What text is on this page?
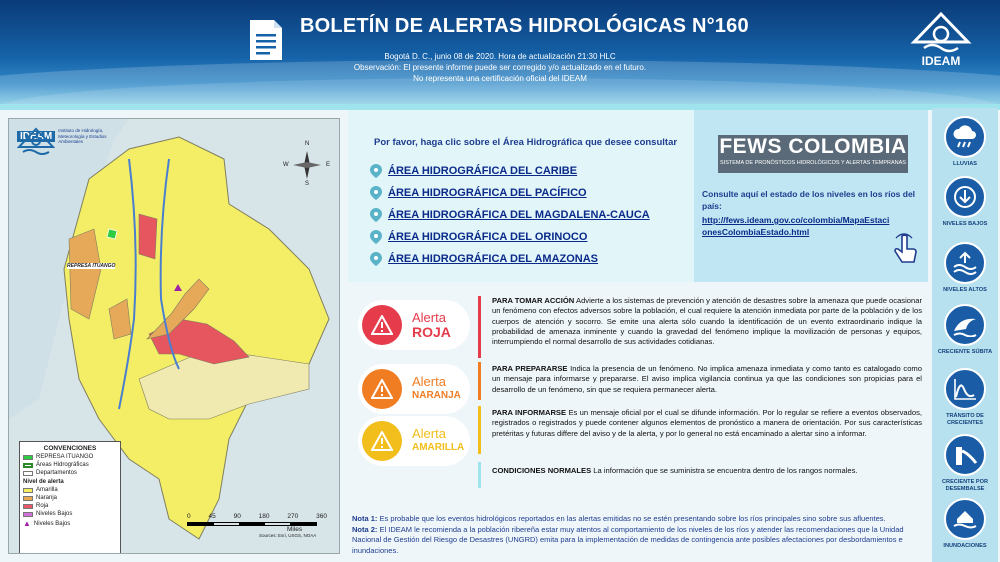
BOLETÍN DE ALERTAS HIDROLÓGICAS N°160
Bogotá D. C., junio 08 de 2020. Hora de actualización 21:30 HLC
Observación: El presente informe puede ser corregido y/o actualizado en el futuro.
No representa una certificación oficial del IDEAM
IDEAM
IDEAM
Instituto de Hidrología, Meteorología y Estudios Ambientales	N
S
E
W
REPRESA ITUANGO
CONVENCIONES
REPRESA ITUANGO
Áreas Hidrográficas
Departamentos
Nivel de alerta
Amarilla
Naranja
Roja
Niveles Bajos
▲ Niveles Bajos
0	45	90	180	270	360
Miles
Sources: Esri, USGS, NOAA
Por favor, haga clic sobre el Área Hidrográfica que desee consultar
ÁREA HIDROGRÁFICA DEL CARIBE
ÁREA HIDROGRÁFICA DEL PACÍFICO
ÁREA HIDROGRÁFICA DEL MAGDALENA-CAUCA
ÁREA HIDROGRÁFICA DEL ORINOCO
ÁREA HIDROGRÁFICA DEL AMAZONAS
FEWS COLOMBIA
SISTEMA DE PRONÓSTICOS HIDROLÓGICOS Y ALERTAS TEMPRANAS
Consulte aquí el estado de los niveles en los ríos del país:
http://fews.ideam.gov.co/colombia/MapaEstacionesColombiaEstado.html
Alerta
ROJA
PARA TOMAR ACCIÓN Advierte a los sistemas de prevención y atención de desastres sobre la amenaza que puede ocasionar un fenómeno con efectos adversos sobre la población, el cual requiere la atención inmediata por parte de la población y de los cuerpos de atención y socorro. Se emite una alerta sólo cuando la identificación de un evento extraordinario indique la probabilidad de amenaza inminente y cuando la gravedad del fenómeno implique la movilización de personas y equipos, interrumpiendo el normal desarrollo de sus actividades cotidianas.
Alerta
NARANJA
PARA PREPARARSE Indica la presencia de un fenómeno. No implica amenaza inmediata y como tanto es catalogado como un mensaje para informarse y prepararse. El aviso implica vigilancia continua ya que las condiciones son propicias para el desarrollo de un fenómeno, sin que se requiera permanecer alerta.
Alerta
AMARILLA
PARA INFORMARSE Es un mensaje oficial por el cual se difunde información. Por lo regular se refiere a eventos observados, registrados o registrados y puede contener algunos elementos de pronóstico a manera de orientación. Por sus características pretéritas y futuras differe del aviso y de la alerta, y por lo general no está encaminado a alertar sino a informar.
CONDICIONES NORMALES La información que se suministra se encuentra dentro de los rangos normales.
Nota 1: Es probable que los eventos hidrológicos reportados en las alertas emitidas no se estén presentando sobre los ríos principales sino sobre sus afluentes.
Nota 2: El IDEAM le recomienda a la población ribereña estar muy atentos al comportamiento de los niveles de los ríos y atender las recomendaciones que la Unidad Nacional de Gestión del Riesgo de Desastres (UNGRD) emita para la implementación de medidas de contingencia ante posibles afectaciones por desbordamientos e inundaciones.
LLUVIAS
NIVELES BAJOS
NIVELES ALTOS
CRECIENTE SÚBITA
TRÁNSITO DE CRECIENTES
CRECIENTE POR DESEMBALSE
INUNDACIONES
